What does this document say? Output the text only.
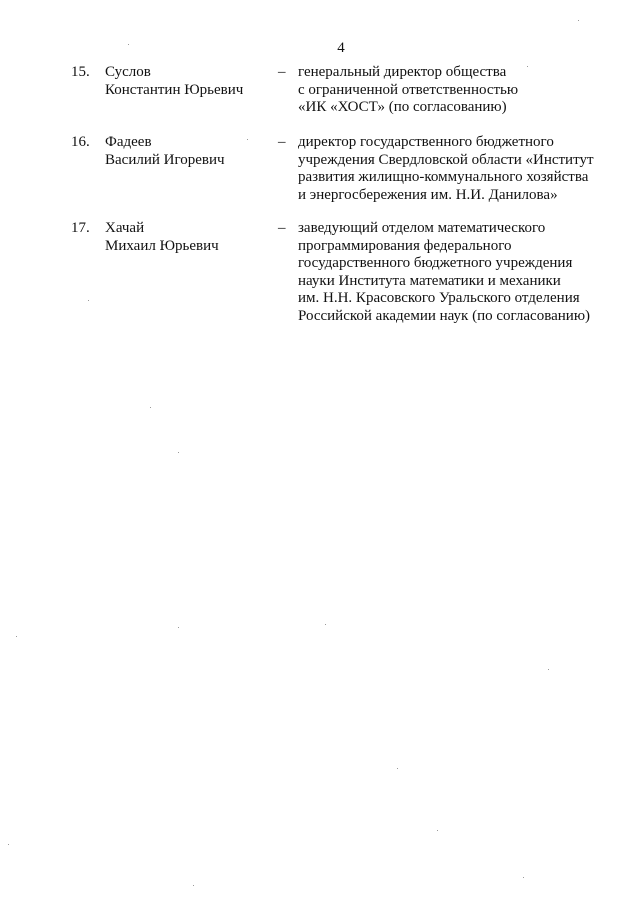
4
15.	Суслов
Константин Юрьевич
– генеральный директор общества
с ограниченной ответственностью
«ИК «ХОСТ» (по согласованию)
16.	Фадеев
Василий Игоревич
– директор государственного бюджетного
учреждения Свердловской области «Институт
развития жилищно-коммунального хозяйства
и энергосбережения им. Н.И. Данилова»
17.	Хачай
Михаил Юрьевич
– заведующий отделом математического
программирования федерального
государственного бюджетного учреждения
науки Института математики и механики
им. Н.Н. Красовского Уральского отделения
Российской академии наук (по согласованию)
